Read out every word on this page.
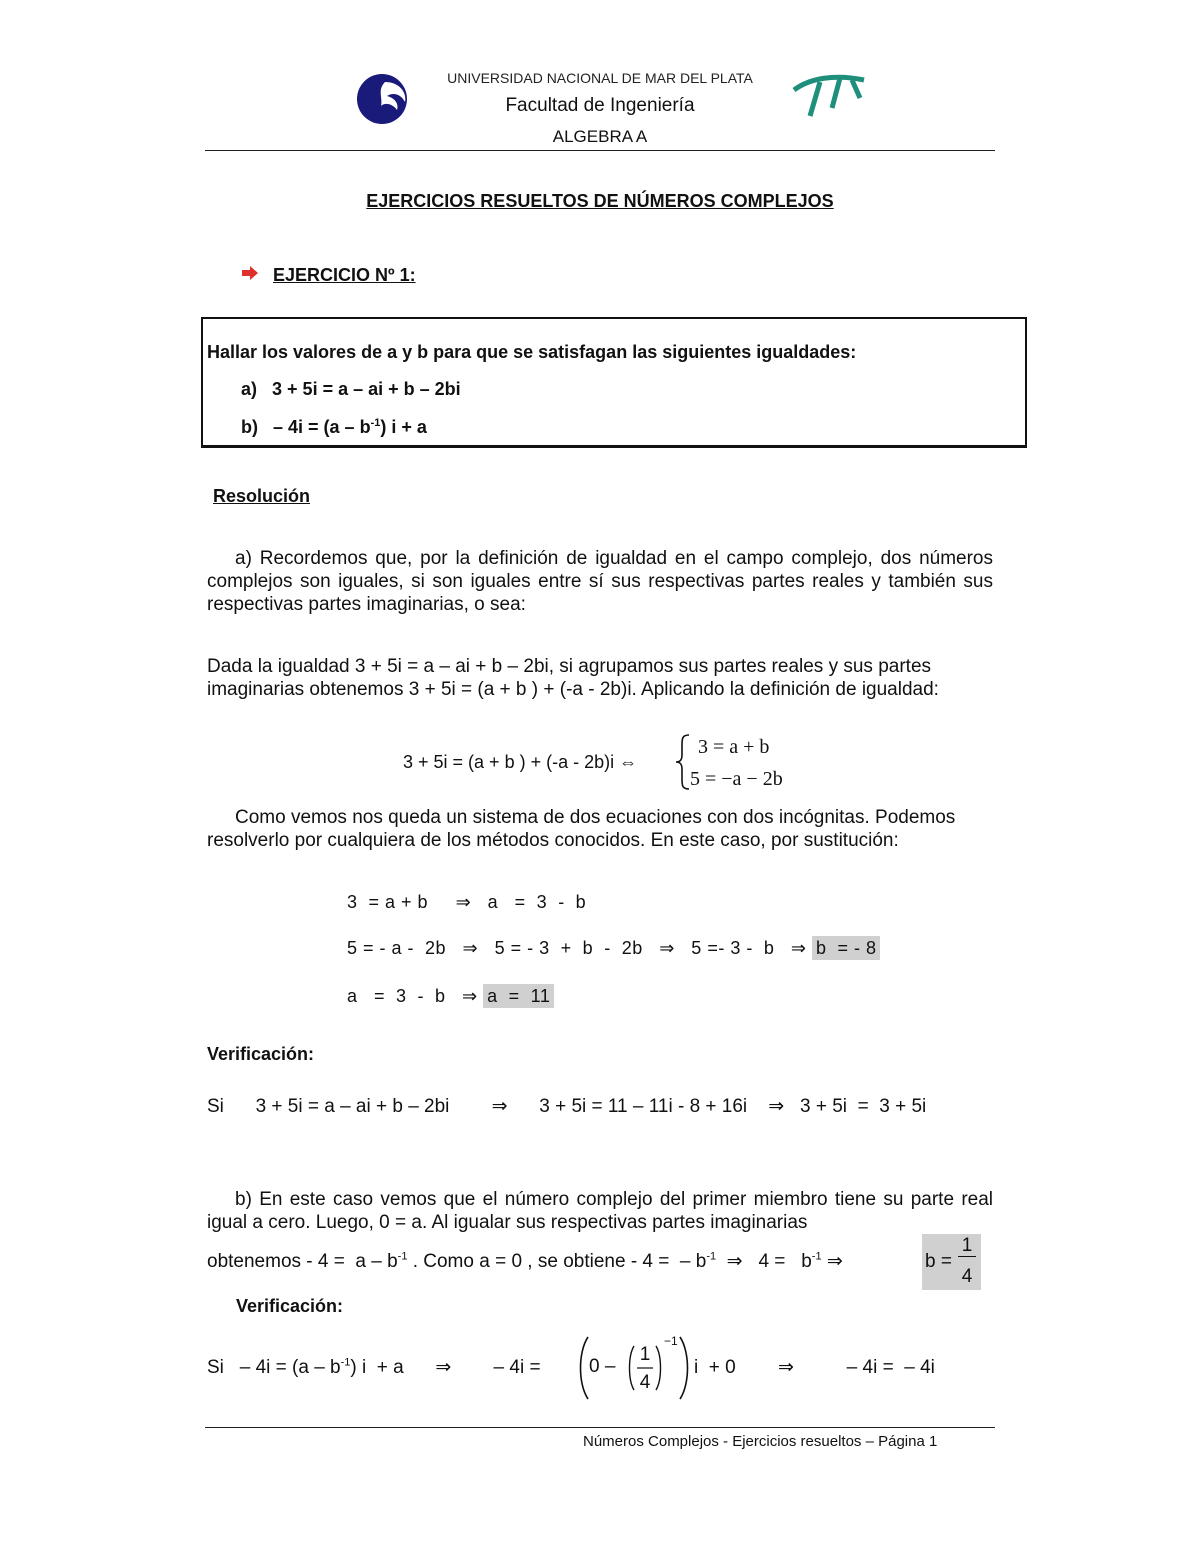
UNIVERSIDAD NACIONAL DE MAR DEL PLATA
Facultad de Ingeniería
ALGEBRA A
EJERCICIOS RESUELTOS DE NÚMEROS COMPLEJOS
EJERCICIO Nº 1:
Hallar los valores de a y b para que se satisfagan las siguientes igualdades:
a) 3 + 5i = a – ai + b – 2bi
$b) - 4i = (a - b^{-1})$ i + a
Resolución
a) Recordemos que, por la definición de igualdad en el campo complejo, dos números complejos son iguales, si son iguales entre sí sus respectivas partes reales y también sus respectivas partes imaginarias, o sea:
Dada la igualdad 3 + 5i = a – ai + b – 2bi, si agrupamos sus partes reales y sus partes imaginarias obtenemos 3 + 5i = (a + b ) + (-a - 2b)i. Aplicando la definición de igualdad:
3 + 5i = (a + b ) + (-a - 2b)i ⇔
3 = a + b
5 = −a − 2b
Como vemos nos queda un sistema de dos ecuaciones con dos incógnitas. Podemos resolverlo por cualquiera de los métodos conocidos. En este caso, por sustitución:
3  = a + b     ⇒   a   =  3  -  b
5 = - a -  2b   ⇒   5 = - 3  +  b  -  2b   ⇒   5 =- 3 -  b   ⇒ b  = - 8
a   =  3  -  b   ⇒ a  =  11
Verificación:
Si      3 + 5i = a – ai + b – 2bi        ⇒      3 + 5i = 11 – 11i - 8 + 16i    ⇒   3 + 5i  =  3 + 5i
b) En este caso vemos que el número complejo del primer miembro tiene su parte real igual a cero. Luego, 0 = a. Al igualar sus respectivas partes imaginarias
obtenemos - $4 = a - b^{-1}$ . Como a = 0 , se obtiene - 4 =  – $b^{-1}$  ⇒   $4 = b^{-1}$ ⇒	b =
1
4
Verificación:
$Si - 4i = (a - b^{-1})$ i  + a      ⇒        – 4i =	0 –
1
4
−1
i  + 0        ⇒          – 4i =  – 4i
Números Complejos - Ejercicios resueltos – Página 1
